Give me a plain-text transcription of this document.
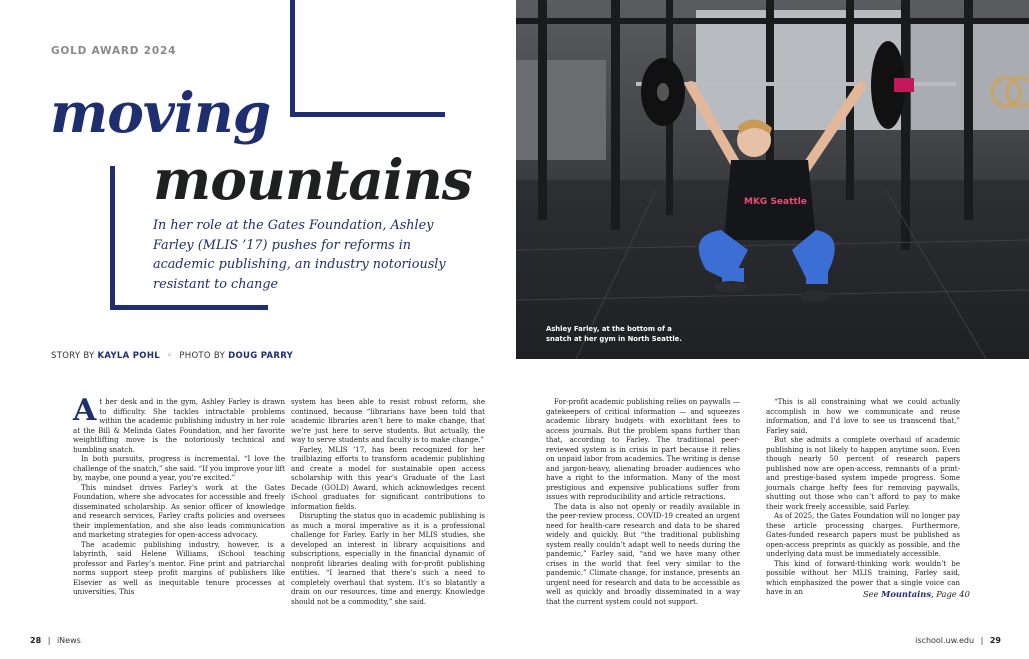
GOLD AWARD 2024
moving
mountains
In her role at the Gates Foundation, Ashley Farley (MLIS ’17) pushes for reforms in academic publishing, an industry notoriously resistant to change
STORY BY KAYLA POHL ◦ PHOTO BY DOUG PARRY
MKG Seattle
Ashley Farley, at the bottom of a snatch at her gym in North Seattle.

At her desk and in the gym, Ashley Farley is drawn to difficulty. She tackles intractable problems within the academic publishing industry in her role at the Bill & Melinda Gates Foundation, and her favorite weightlifting move is the notoriously technical and humbling snatch.

In both pursuits, progress is incremental. “I love the challenge of the snatch,” she said. “If you improve your lift by, maybe, one pound a year, you’re excited.”

This mindset drives Farley’s work at the Gates Foundation, where she advocates for accessible and freely disseminated scholarship. As senior officer of knowledge and research services, Farley crafts policies and oversees their implementation, and she also leads communication and marketing strategies for open-access advocacy.

The academic publishing industry, however, is a labyrinth, said Helene Williams, iSchool teaching professor and Farley’s mentor. Fine print and patriarchal norms support steep profit margins of publishers like Elsevier as well as inequitable tenure processes at universities. This

system has been able to resist robust reform, she continued, because “librarians have been told that academic libraries aren’t here to make change, that we’re just here to serve students. But actually, the way to serve students and faculty is to make change.”

Farley, MLIS ’17, has been recognized for her trailblazing efforts to transform academic publishing and create a model for sustainable open access scholarship with this year’s Graduate of the Last Decade (GOLD) Award, which acknowledges recent iSchool graduates for significant contributions to information fields.

Disrupting the status quo in academic publishing is as much a moral imperative as it is a professional challenge for Farley. Early in her MLIS studies, she developed an interest in library acquisitions and subscriptions, especially in the financial dynamic of nonprofit libraries dealing with for-profit publishing entities. “I learned that there’s such a need to completely overhaul that system. It’s so blatantly a drain on our resources, time and energy. Knowledge should not be a commodity,” she said.

For-profit academic publishing relies on paywalls — gatekeepers of critical information — and squeezes academic library budgets with exorbitant fees to access journals. But the problem spans further than that, according to Farley. The traditional peer-reviewed system is in crisis in part because it relies on unpaid labor from academics. The writing is dense and jargon-heavy, alienating broader audiences who have a right to the information. Many of the most prestigious and expensive publications suffer from issues with reproducibility and article retractions.

The data is also not openly or readily available in the peer-review process. COVID-19 created an urgent need for health-care research and data to be shared widely and quickly. But “the traditional publishing system really couldn’t adapt well to needs during the pandemic,” Farley said, “and we have many other crises in the world that feel very similar to the pandemic.” Climate change, for instance, presents an urgent need for research and data to be accessible as well as quickly and broadly disseminated in a way that the current system could not support.

“This is all constraining what we could actually accomplish in how we communicate and reuse information, and I’d love to see us transcend that,” Farley said.

But she admits a complete overhaul of academic publishing is not likely to happen anytime soon. Even though nearly 50 percent of research papers published now are open-access, remnants of a print- and prestige-based system impede progress. Some journals charge hefty fees for removing paywalls, shutting out those who can’t afford to pay to make their work freely accessible, said Farley.

As of 2025, the Gates Foundation will no longer pay these article processing charges. Furthermore, Gates-funded research papers must be published as open-access preprints as quickly as possible, and the underlying data must be immediately accessible.

This kind of forward-thinking work wouldn’t be possible without her MLIS training, Farley said, which emphasized the power that a single voice can have in an	See Mountains, Page 40
28 | iNews	ischool.uw.edu | 29
